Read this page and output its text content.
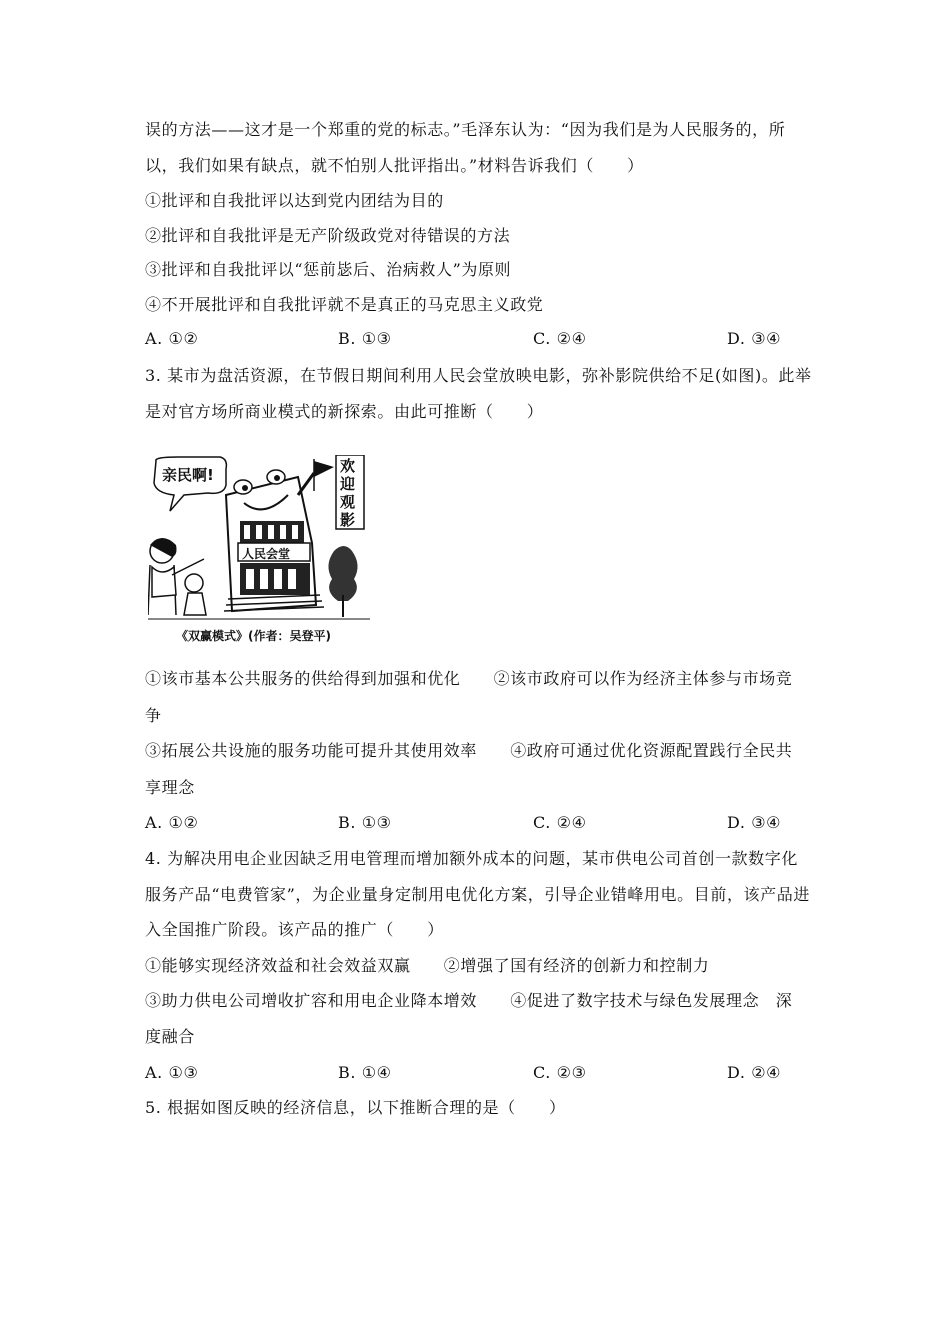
误的方法——这才是一个郑重的党的标志。”毛泽东认为：“因为我们是为人民服务的，所
以，我们如果有缺点，就不怕别人批评指出。”材料告诉我们（　　）
①批评和自我批评以达到党内团结为目的
②批评和自我批评是无产阶级政党对待错误的方法
③批评和自我批评以“惩前毖后、治病救人”为原则
④不开展批评和自我批评就不是真正的马克思主义政党
A. ①②	B. ①③	C. ②④	D. ③④
3. 某市为盘活资源，在节假日期间利用人民会堂放映电影，弥补影院供给不足(如图)。此举
是对官方场所商业模式的新探索。由此可推断（　　）
亲民啊!	欢
迎
观
影
人民会堂
《双赢模式》(作者：吴登平)
①该市基本公共服务的供给得到加强和优化　　②该市政府可以作为经济主体参与市场竞
争
③拓展公共设施的服务功能可提升其使用效率　　④政府可通过优化资源配置践行全民共
享理念
A. ①②	B. ①③	C. ②④	D. ③④
4. 为解决用电企业因缺乏用电管理而增加额外成本的问题，某市供电公司首创一款数字化
服务产品“电费管家”，为企业量身定制用电优化方案，引导企业错峰用电。目前，该产品进
入全国推广阶段。该产品的推广（　　）
①能够实现经济效益和社会效益双赢　　②增强了国有经济的创新力和控制力
③助力供电公司增收扩容和用电企业降本增效　　④促进了数字技术与绿色发展理念　深
度融合
A. ①③	B. ①④	C. ②③	D. ②④
5. 根据如图反映的经济信息，以下推断合理的是（　　）
